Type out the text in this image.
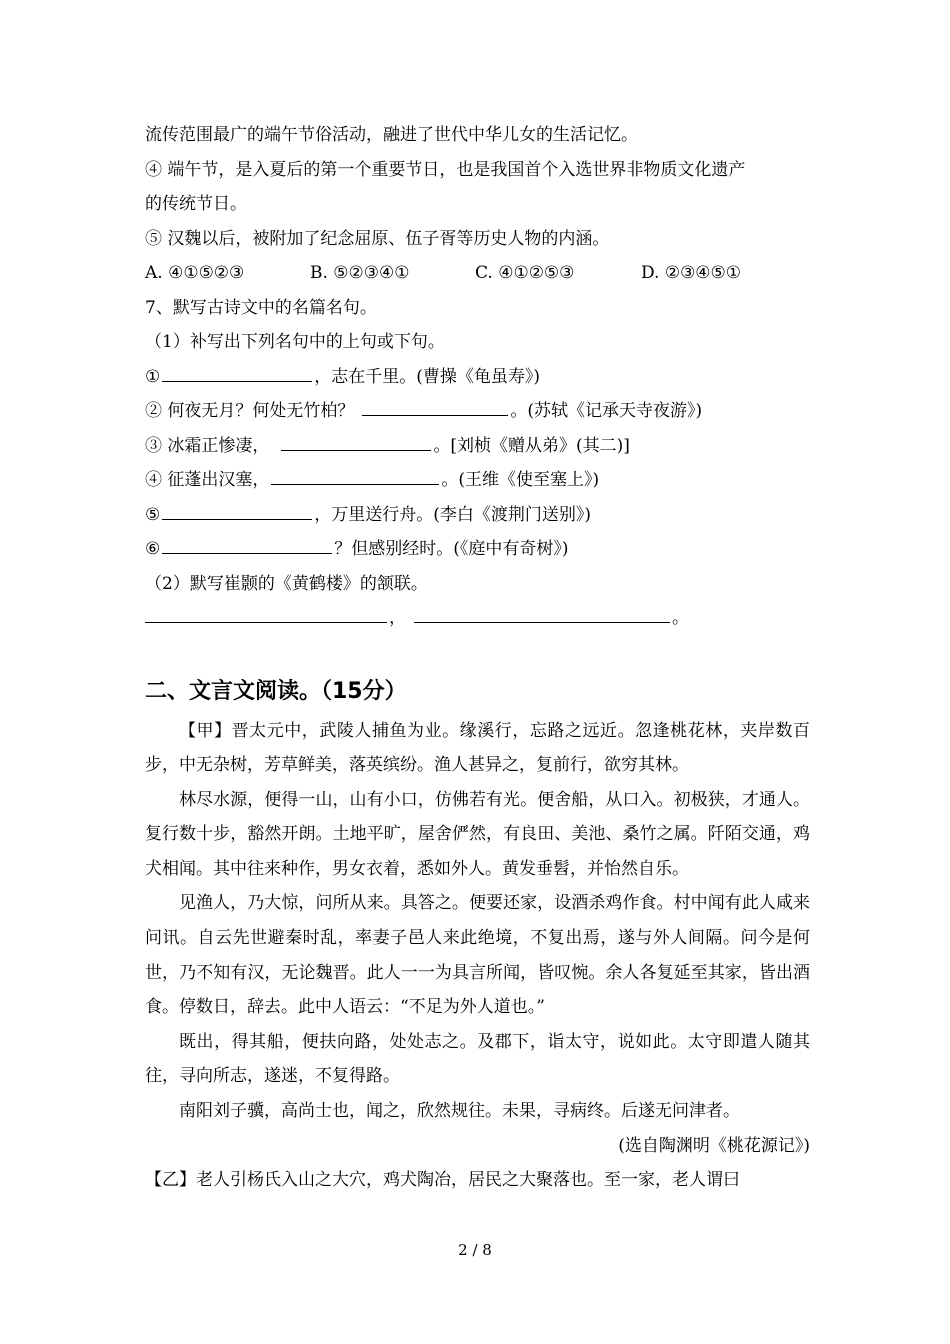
流传范围最广的端午节俗活动，融进了世代中华儿女的生活记忆。
④ 端午节，是入夏后的第一个重要节日，也是我国首个入选世界非物质文化遗产
的传统节日。
⑤ 汉魏以后，被附加了纪念屈原、伍子胥等历史人物的内涵。
A. ④①⑤②③	B. ⑤②③④①	C. ④①②⑤③	D. ②③④⑤①
7、默写古诗文中的名篇名句。
（1）补写出下列名句中的上句或下句。
①	，志在千里。(曹操《龟虽寿》)
② 何夜无月？何处无竹柏？	。(苏轼《记承天寺夜游》)
③ 冰霜正惨凄，	。[刘桢《赠从弟》(其二)]
④ 征蓬出汉塞，	。(王维《使至塞上》)
⑤	，万里送行舟。(李白《渡荆门送别》)
⑥	？但感别经时。(《庭中有奇树》)
（2）默写崔颢的《黄鹤楼》的颔联。
，	。
二、文言文阅读。（15分）
【甲】晋太元中，武陵人捕鱼为业。缘溪行，忘路之远近。忽逢桃花林，夹岸数百步，中无杂树，芳草鲜美，落英缤纷。渔人甚异之，复前行，欲穷其林。
林尽水源，便得一山，山有小口，仿佛若有光。便舍船，从口入。初极狭，才通人。复行数十步，豁然开朗。土地平旷，屋舍俨然，有良田、美池、桑竹之属。阡陌交通，鸡犬相闻。其中往来种作，男女衣着，悉如外人。黄发垂髫，并怡然自乐。
见渔人，乃大惊，问所从来。具答之。便要还家，设酒杀鸡作食。村中闻有此人咸来问讯。自云先世避秦时乱，率妻子邑人来此绝境，不复出焉，遂与外人间隔。问今是何世，乃不知有汉，无论魏晋。此人一一为具言所闻，皆叹惋。余人各复延至其家，皆出酒食。停数日，辞去。此中人语云：“不足为外人道也。”
既出，得其船，便扶向路，处处志之。及郡下，诣太守，说如此。太守即遣人随其往，寻向所志，遂迷，不复得路。
南阳刘子骥，高尚士也，闻之，欣然规往。未果，寻病终。后遂无问津者。
(选自陶渊明《桃花源记》)
【乙】老人引杨氏入山之大穴，鸡犬陶冶，居民之大聚落也。至一家，老人谓曰
2 / 8
